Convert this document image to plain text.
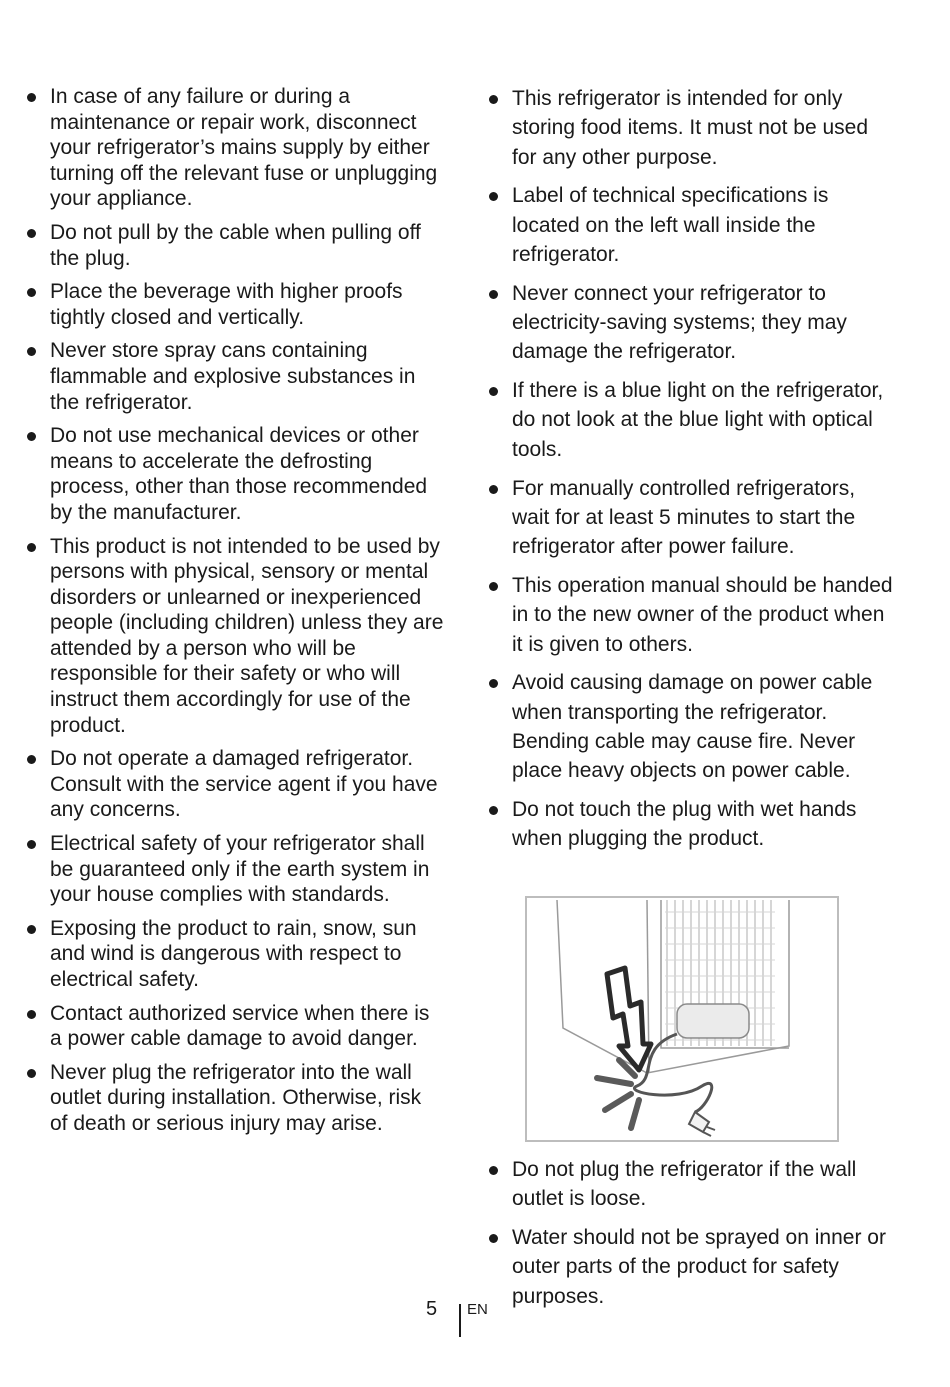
In case of any failure or during a maintenance or repair work, disconnect your refrigerator’s mains supply by either turning off the relevant fuse or unplugging your appliance.
Do not pull by the cable when pulling off the plug.
Place the beverage with higher proofs tightly closed and vertically.
Never store spray cans containing flammable and explosive substances in the refrigerator.
Do not use mechanical devices or other means to accelerate the defrosting process, other than those recommended by the manufacturer.
This product is not intended to be used by persons with physical, sensory or mental disorders or unlearned or inexperienced people (including children) unless they are attended by a person who will be responsible for their safety or who will instruct them accordingly for use of the product.
Do not operate a damaged refrigerator. Consult with the service agent if you have any concerns.
Electrical safety of your refrigerator shall be guaranteed only if the earth system in your house complies with standards.
Exposing the product to rain, snow, sun and wind is dangerous with respect to electrical safety.
Contact authorized service when there is a power cable damage to avoid danger.
Never plug the refrigerator into the wall outlet during installation. Otherwise, risk of death or serious injury may arise.
This refrigerator is intended for only storing food items. It must not be used for any other purpose.
Label of technical specifications is located on the left wall inside the refrigerator.
Never connect your refrigerator to electricity-saving systems; they may damage the refrigerator.
If there is a blue light on the refrigerator, do not look at the blue light with optical tools.
For manually controlled refrigerators, wait for at least 5 minutes to start the refrigerator after power failure.
This operation manual should be handed in to the new owner of the product when it is given to others.
Avoid causing damage on power cable when transporting the refrigerator. Bending cable may cause fire. Never place heavy objects on power cable.
Do not touch the plug with wet hands when plugging the product.
Do not plug the refrigerator if the wall outlet is loose.
Water should not be sprayed on inner or outer parts of the product for safety purposes.
5 EN
